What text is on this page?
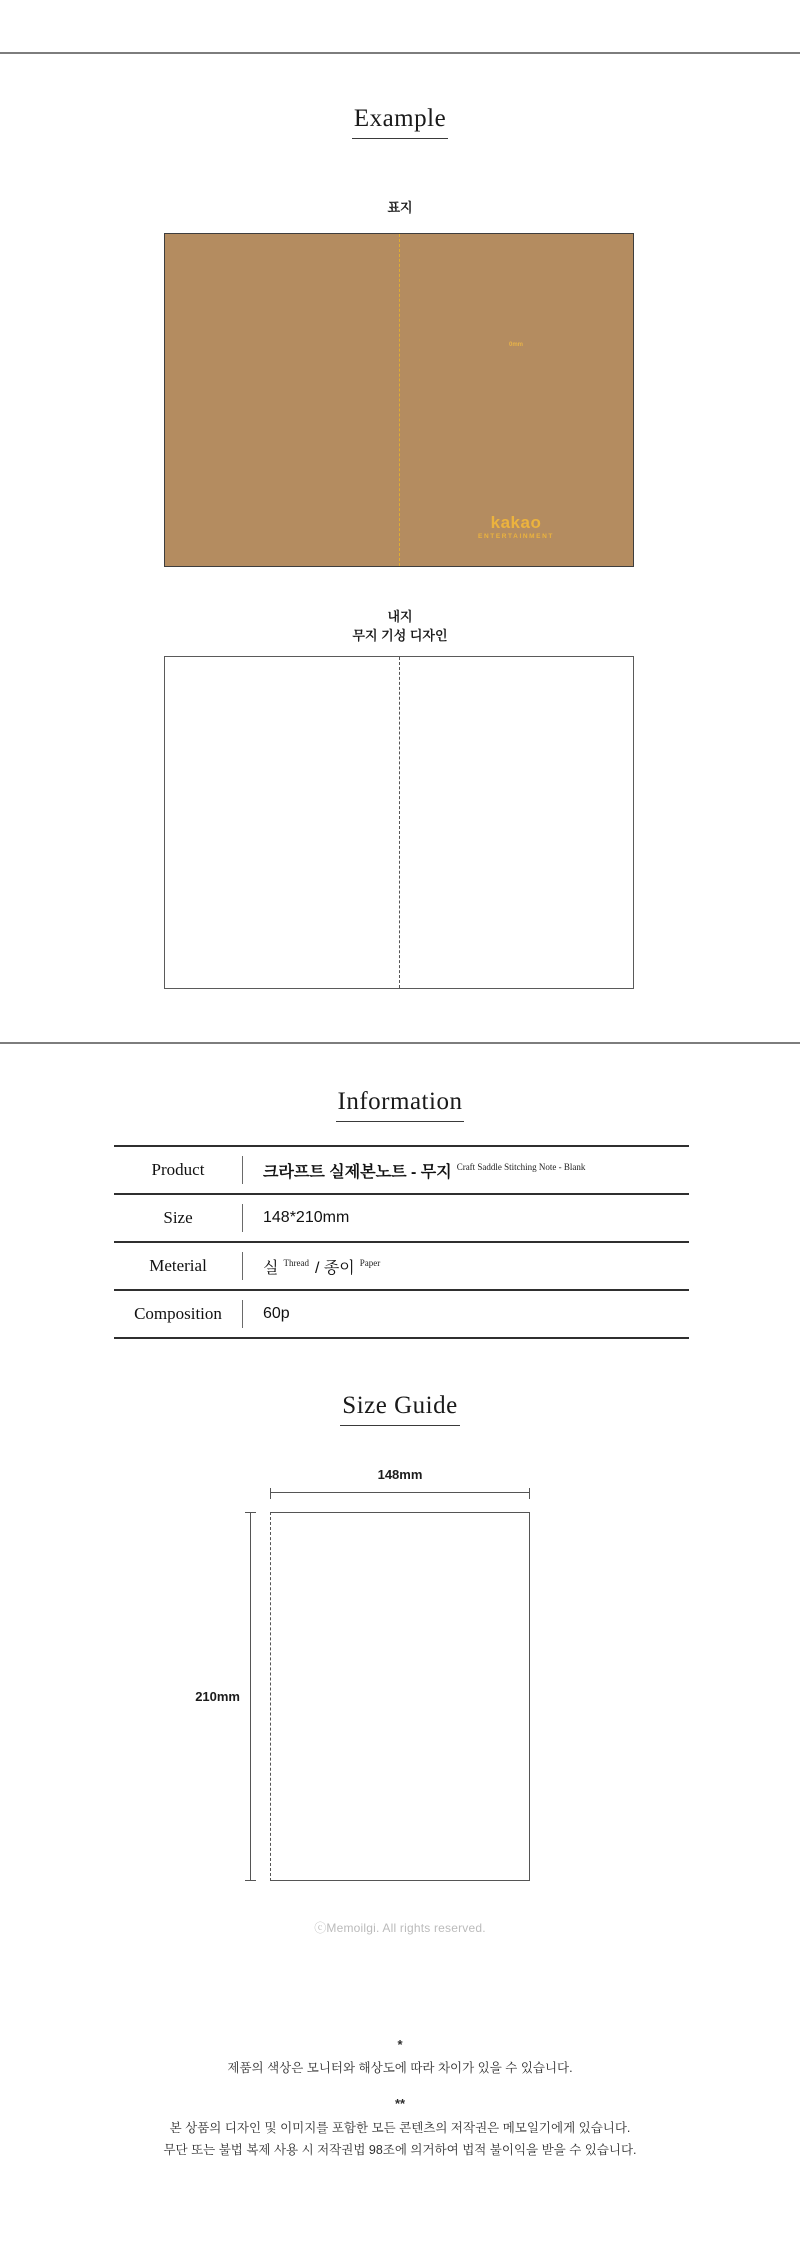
Example
표지
0mm
kakao
ENTERTAINMENT
내지
무지 기성 디자인
Information
Product	크라프트 실제본노트 - 무지 $^{Craft Saddle Stitching Note - Blank}$
Size	148*210mm
Meterial	실 $^{Thread}$ / 종이 $^{Paper}$
Composition	60p
Size Guide
148mm
210mm
ⓒMemoilgi. All rights reserved.
*
제품의 색상은 모니터와 해상도에 따라 차이가 있을 수 있습니다.
**
본 상품의 디자인 및 이미지를 포함한 모든 콘텐츠의 저작권은 메모일기에게 있습니다.
무단 또는 불법 복제 사용 시 저작권법 98조에 의거하여 법적 불이익을 받을 수 있습니다.
